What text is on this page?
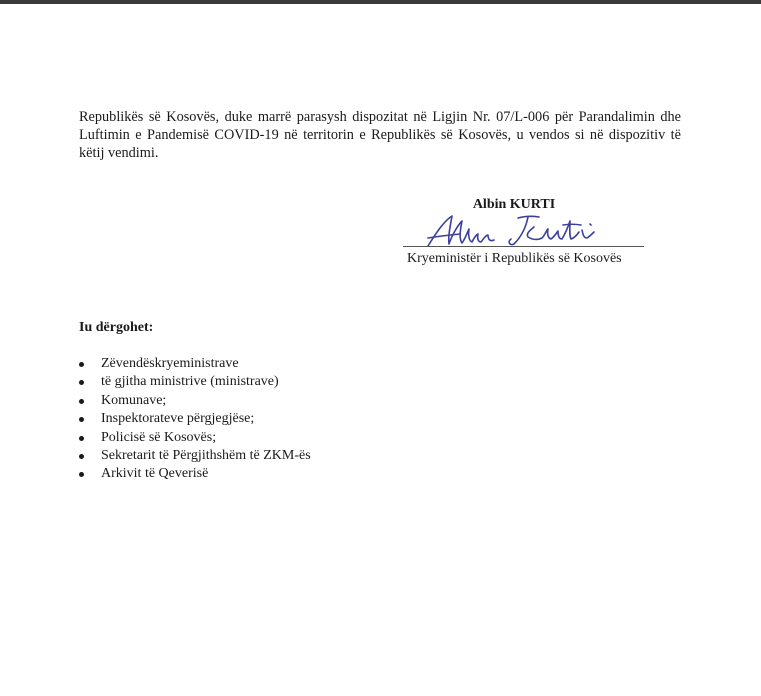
Republikës së Kosovës, duke marrë parasysh dispozitat në Ligjin Nr. 07/L-006 për Parandalimin dhe Luftimin e Pandemisë COVID-19 në territorin e Republikës së Kosovës, u vendos si në dispozitiv të këtij vendimi.

Albin KURTI

Kryeministër i Republikës së Kosovës

Iu dërgohet:

Zëvendëskryeministrave
të gjitha ministrive (ministrave)
Komunave;
Inspektorateve përgjegjëse;
Policisë së Kosovës;
Sekretarit të Përgjithshëm të ZKM-ës
Arkivit të Qeverisë
